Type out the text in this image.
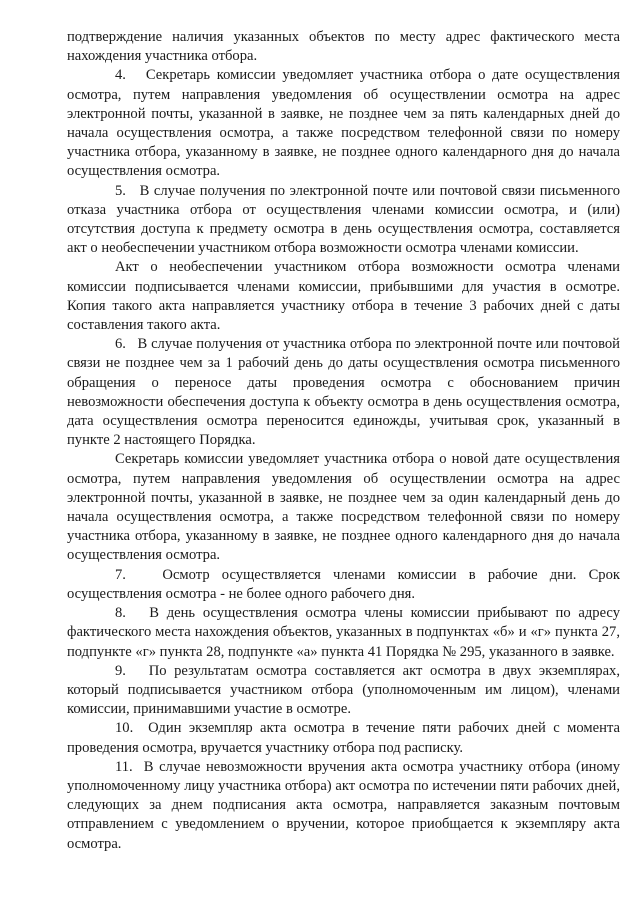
подтверждение наличия указанных объектов по месту адрес фактического места нахождения участника отбора.

4.   Секретарь комиссии уведомляет участника отбора о дате осуществления осмотра, путем направления уведомления об осуществлении осмотра на адрес электронной почты, указанной в заявке, не позднее чем за пять календарных дней до начала осуществления осмотра, а также посредством телефонной связи по номеру участника отбора, указанному в заявке, не позднее одного календарного дня до начала осуществления осмотра.

5.   В случае получения по электронной почте или почтовой связи письменного отказа участника отбора от осуществления членами комиссии осмотра, и (или) отсутствия доступа к предмету осмотра в день осуществления осмотра, составляется акт о необеспечении участником отбора возможности осмотра членами комиссии.

Акт о необеспечении участником отбора возможности осмотра членами комиссии подписывается членами комиссии, прибывшими для участия в осмотре. Копия такого акта направляется участнику отбора в течение 3 рабочих дней с даты составления такого акта.

6.   В случае получения от участника отбора по электронной почте или почтовой связи не позднее чем за 1 рабочий день до даты осуществления осмотра письменного обращения о переносе даты проведения осмотра с обоснованием причин невозможности обеспечения доступа к объекту осмотра в день осуществления осмотра, дата осуществления осмотра переносится единожды, учитывая срок, указанный в пункте 2 настоящего Порядка.

Секретарь комиссии уведомляет участника отбора о новой дате осуществления осмотра, путем направления уведомления об осуществлении осмотра на адрес электронной почты, указанной в заявке, не позднее чем за один календарный день до начала осуществления осмотра, а также посредством телефонной связи по номеру участника отбора, указанному в заявке, не позднее одного календарного дня до начала осуществления осмотра.

7.   Осмотр осуществляется членами комиссии в рабочие дни. Срок осуществления осмотра - не более одного рабочего дня.

8.   В день осуществления осмотра члены комиссии прибывают по адресу фактического места нахождения объектов, указанных в подпунктах «б» и «г» пункта 27, подпункте «г» пункта 28, подпункте «а» пункта 41 Порядка № 295, указанного в заявке.

9.   По результатам осмотра составляется акт осмотра в двух экземплярах, который подписывается участником отбора (уполномоченным им лицом), членами комиссии, принимавшими участие в осмотре.

10.  Один экземпляр акта осмотра в течение пяти рабочих дней с момента проведения осмотра, вручается участнику отбора под расписку.

11.  В случае невозможности вручения акта осмотра участнику отбора (иному уполномоченному лицу участника отбора) акт осмотра по истечении пяти рабочих дней, следующих за днем подписания акта осмотра, направляется заказным почтовым отправлением с уведомлением о вручении, которое приобщается к экземпляру акта осмотра.
